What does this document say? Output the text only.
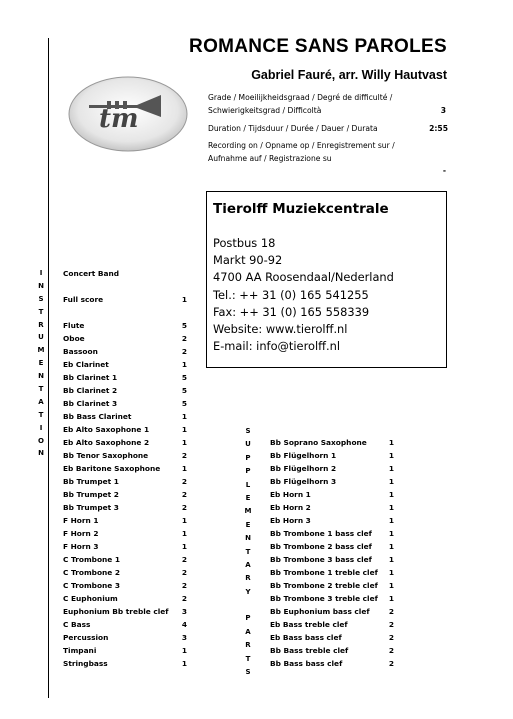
ROMANCE SANS PAROLES
Gabriel Fauré, arr. Willy Hautvast
tm
Grade / Moeilijkheidsgraad / Degré de difficulté /
Schwierigkeitsgrad / Difficoltà	3
Duration / Tijdsduur / Durée / Dauer / Durata	2:55
Recording on / Opname op / Enregistrement sur /
Aufnahme auf / Registrazione su
-
Tierolff Muziekcentrale
Postbus 18
Markt 90-92
4700 AA Roosendaal/Nederland
Tel.: ++ 31 (0) 165 541255
Fax: ++ 31 (0) 165 558339
Website: www.tierolff.nl
E-mail: info@tierolff.nl
I
N
S
T
R
U
M
E
N
T
A
T
I
O
N
S
U
P
P
L
E
M
E
N
T
A
R
Y
P
A
R
T
S
Concert Band
Full score	1
Flute	5
Oboe	2
Bassoon	2
Eb Clarinet	1
Bb Clarinet 1	5
Bb Clarinet 2	5
Bb Clarinet 3	5
Bb Bass Clarinet	1
Eb Alto Saxophone 1	1
Eb Alto Saxophone 2	1
Bb Tenor Saxophone	2
Eb Baritone Saxophone	1
Bb Trumpet 1	2
Bb Trumpet 2	2
Bb Trumpet 3	2
F Horn 1	1
F Horn 2	1
F Horn 3	1
C Trombone 1	2
C Trombone 2	2
C Trombone 3	2
C Euphonium	2
Euphonium Bb treble clef	3
C Bass	4
Percussion	3
Timpani	1
Stringbass	1
Bb Soprano Saxophone	1
Bb Flügelhorn 1	1
Bb Flügelhorn 2	1
Bb Flügelhorn 3	1
Eb Horn 1	1
Eb Horn 2	1
Eb Horn 3	1
Bb Trombone 1 bass clef	1
Bb Trombone 2 bass clef	1
Bb Trombone 3 bass clef	1
Bb Trombone 1 treble clef	1
Bb Trombone 2 treble clef	1
Bb Trombone 3 treble clef	1
Bb Euphonium bass clef	2
Eb Bass treble clef	2
Eb Bass bass clef	2
Bb Bass treble clef	2
Bb Bass bass clef	2
